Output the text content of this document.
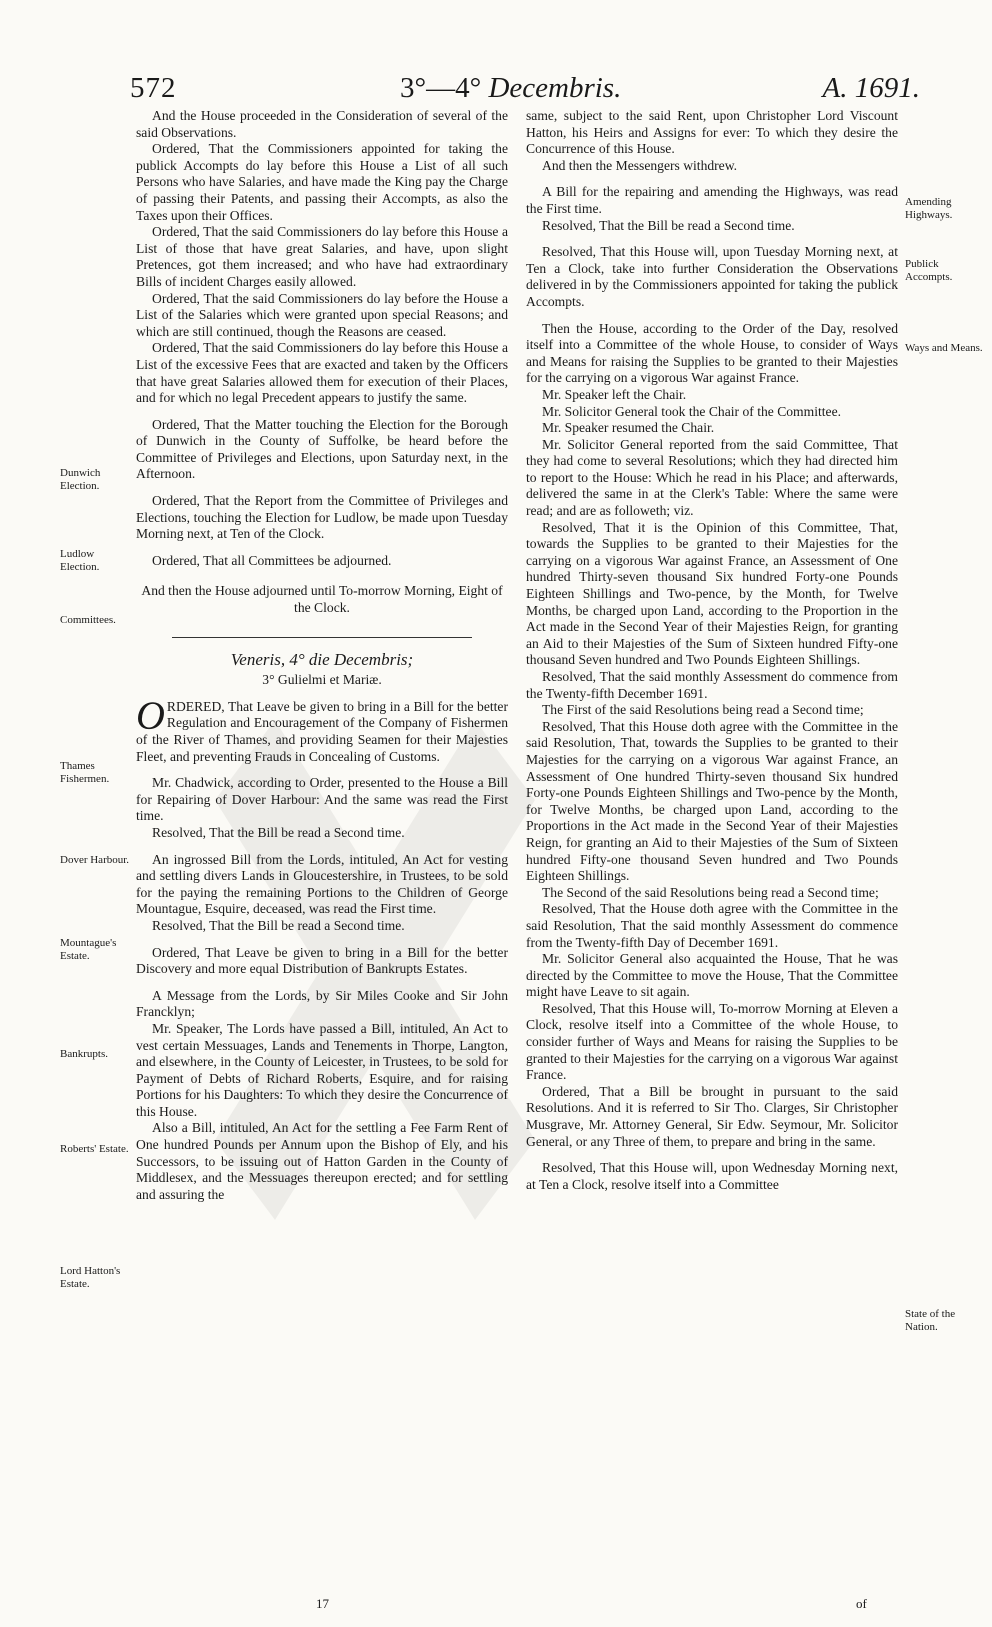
572	3°—4° Decembris.	A. 1691.
Dunwich Election.
Ludlow Election.
Committees.
Thames Fishermen.
Dover Harbour.
Mountague's Estate.
Bankrupts.
Roberts' Estate.
Lord Hatton's Estate.
Amending Highways.
Publick Accompts.
Ways and Means.
State of the Nation.

And the House proceeded in the Consideration of several of the said Observations.

Ordered, That the Commissioners appointed for taking the publick Accompts do lay before this House a List of all such Persons who have Salaries, and have made the King pay the Charge of passing their Patents, and passing their Accompts, as also the Taxes upon their Offices.

Ordered, That the said Commissioners do lay before this House a List of those that have great Salaries, and have, upon slight Pretences, got them increased; and who have had extraordinary Bills of incident Charges easily allowed.

Ordered, That the said Commissioners do lay before the House a List of the Salaries which were granted upon special Reasons; and which are still continued, though the Reasons are ceased.

Ordered, That the said Commissioners do lay before this House a List of the excessive Fees that are exacted and taken by the Officers that have great Salaries allowed them for execution of their Places, and for which no legal Precedent appears to justify the same.

Ordered, That the Matter touching the Election for the Borough of Dunwich in the County of Suffolke, be heard before the Committee of Privileges and Elections, upon Saturday next, in the Afternoon.

Ordered, That the Report from the Committee of Privileges and Elections, touching the Election for Ludlow, be made upon Tuesday Morning next, at Ten of the Clock.

Ordered, That all Committees be adjourned.

And then the House adjourned until To-morrow Morning, Eight of the Clock.

Veneris, 4° die Decembris;

3° Gulielmi et Mariæ.

ORDERED, That Leave be given to bring in a Bill for the better Regulation and Encouragement of the Company of Fishermen of the River of Thames, and providing Seamen for their Majesties Fleet, and preventing Frauds in Concealing of Customs.

Mr. Chadwick, according to Order, presented to the House a Bill for Repairing of Dover Harbour: And the same was read the First time.

Resolved, That the Bill be read a Second time.

An ingrossed Bill from the Lords, intituled, An Act for vesting and settling divers Lands in Gloucestershire, in Trustees, to be sold for the paying the remaining Portions to the Children of George Mountague, Esquire, deceased, was read the First time.

Resolved, That the Bill be read a Second time.

Ordered, That Leave be given to bring in a Bill for the better Discovery and more equal Distribution of Bankrupts Estates.

A Message from the Lords, by Sir Miles Cooke and Sir John Francklyn;

Mr. Speaker, The Lords have passed a Bill, intituled, An Act to vest certain Messuages, Lands and Tenements in Thorpe, Langton, and elsewhere, in the County of Leicester, in Trustees, to be sold for Payment of Debts of Richard Roberts, Esquire, and for raising Portions for his Daughters: To which they desire the Concurrence of this House.

Also a Bill, intituled, An Act for the settling a Fee Farm Rent of One hundred Pounds per Annum upon the Bishop of Ely, and his Successors, to be issuing out of Hatton Garden in the County of Middlesex, and the Messuages thereupon erected; and for settling and assuring the

same, subject to the said Rent, upon Christopher Lord Viscount Hatton, his Heirs and Assigns for ever: To which they desire the Concurrence of this House.

And then the Messengers withdrew.

A Bill for the repairing and amending the Highways, was read the First time.

Resolved, That the Bill be read a Second time.

Resolved, That this House will, upon Tuesday Morning next, at Ten a Clock, take into further Consideration the Observations delivered in by the Commissioners appointed for taking the publick Accompts.

Then the House, according to the Order of the Day, resolved itself into a Committee of the whole House, to consider of Ways and Means for raising the Supplies to be granted to their Majesties for the carrying on a vigorous War against France.

Mr. Speaker left the Chair.

Mr. Solicitor General took the Chair of the Committee.

Mr. Speaker resumed the Chair.

Mr. Solicitor General reported from the said Committee, That they had come to several Resolutions; which they had directed him to report to the House: Which he read in his Place; and afterwards, delivered the same in at the Clerk's Table: Where the same were read; and are as followeth; viz.

Resolved, That it is the Opinion of this Committee, That, towards the Supplies to be granted to their Majesties for the carrying on a vigorous War against France, an Assessment of One hundred Thirty-seven thousand Six hundred Forty-one Pounds Eighteen Shillings and Two-pence, by the Month, for Twelve Months, be charged upon Land, according to the Proportion in the Act made in the Second Year of their Majesties Reign, for granting an Aid to their Majesties of the Sum of Sixteen hundred Fifty-one thousand Seven hundred and Two Pounds Eighteen Shillings.

Resolved, That the said monthly Assessment do commence from the Twenty-fifth December 1691.

The First of the said Resolutions being read a Second time;

Resolved, That this House doth agree with the Committee in the said Resolution, That, towards the Supplies to be granted to their Majesties for the carrying on a vigorous War against France, an Assessment of One hundred Thirty-seven thousand Six hundred Forty-one Pounds Eighteen Shillings and Two-pence by the Month, for Twelve Months, be charged upon Land, according to the Proportions in the Act made in the Second Year of their Majesties Reign, for granting an Aid to their Majesties of the Sum of Sixteen hundred Fifty-one thousand Seven hundred and Two Pounds Eighteen Shillings.

The Second of the said Resolutions being read a Second time;

Resolved, That the House doth agree with the Committee in the said Resolution, That the said monthly Assessment do commence from the Twenty-fifth Day of December 1691.

Mr. Solicitor General also acquainted the House, That he was directed by the Committee to move the House, That the Committee might have Leave to sit again.

Resolved, That this House will, To-morrow Morning at Eleven a Clock, resolve itself into a Committee of the whole House, to consider further of Ways and Means for raising the Supplies to be granted to their Majesties for the carrying on a vigorous War against France.

Ordered, That a Bill be brought in pursuant to the said Resolutions. And it is referred to Sir Tho. Clarges, Sir Christopher Musgrave, Mr. Attorney General, Sir Edw. Seymour, Mr. Solicitor General, or any Three of them, to prepare and bring in the same.

Resolved, That this House will, upon Wednesday Morning next, at Ten a Clock, resolve itself into a Committee

17	of
